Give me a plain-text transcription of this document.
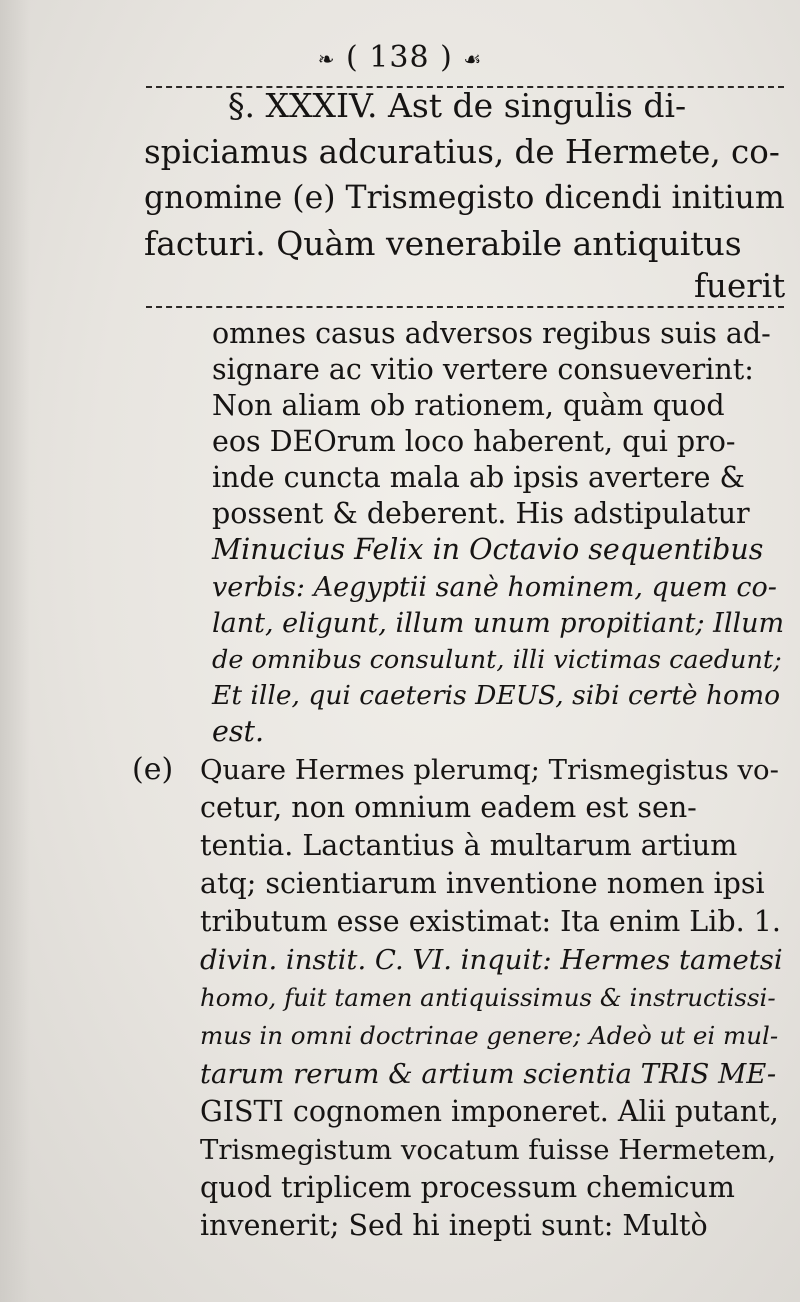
❧ ( 138 ) ☙
§. XXXIV. Ast de singulis di-
spiciamus adcuratius, de Hermete, co-
gnomine (e) Trismegisto dicendi initium
facturi. Quàm venerabile antiquitus
fuerit
omnes casus adversos regibus suis ad-
signare ac vitio vertere consueverint:
Non aliam ob rationem, quàm quod
eos DEOrum loco haberent, qui pro-
inde cuncta mala ab ipsis avertere &
possent & deberent. His adstipulatur
Minucius Felix in Octavio sequentibus
verbis: Aegyptii sanè hominem, quem co-
lant, eligunt, illum unum propitiant; Illum
de omnibus consulunt, illi victimas caedunt;
Et ille, qui caeteris DEUS, sibi certè homo
est.
(e) Quare Hermes plerumq; Trismegistus vo-
cetur, non omnium eadem est sen-
tentia. Lactantius à multarum artium
atq; scientiarum inventione nomen ipsi
tributum esse existimat: Ita enim Lib. 1.
divin. instit. C. VI. inquit: Hermes tametsi
homo, fuit tamen antiquissimus & instructissi-
mus in omni doctrinae genere; Adeò ut ei mul-
tarum rerum & artium scientia TRIS ME-
GISTI cognomen imponeret. Alii putant,
Trismegistum vocatum fuisse Hermetem,
quod triplicem processum chemicum
invenerit; Sed hi inepti sunt: Multò
